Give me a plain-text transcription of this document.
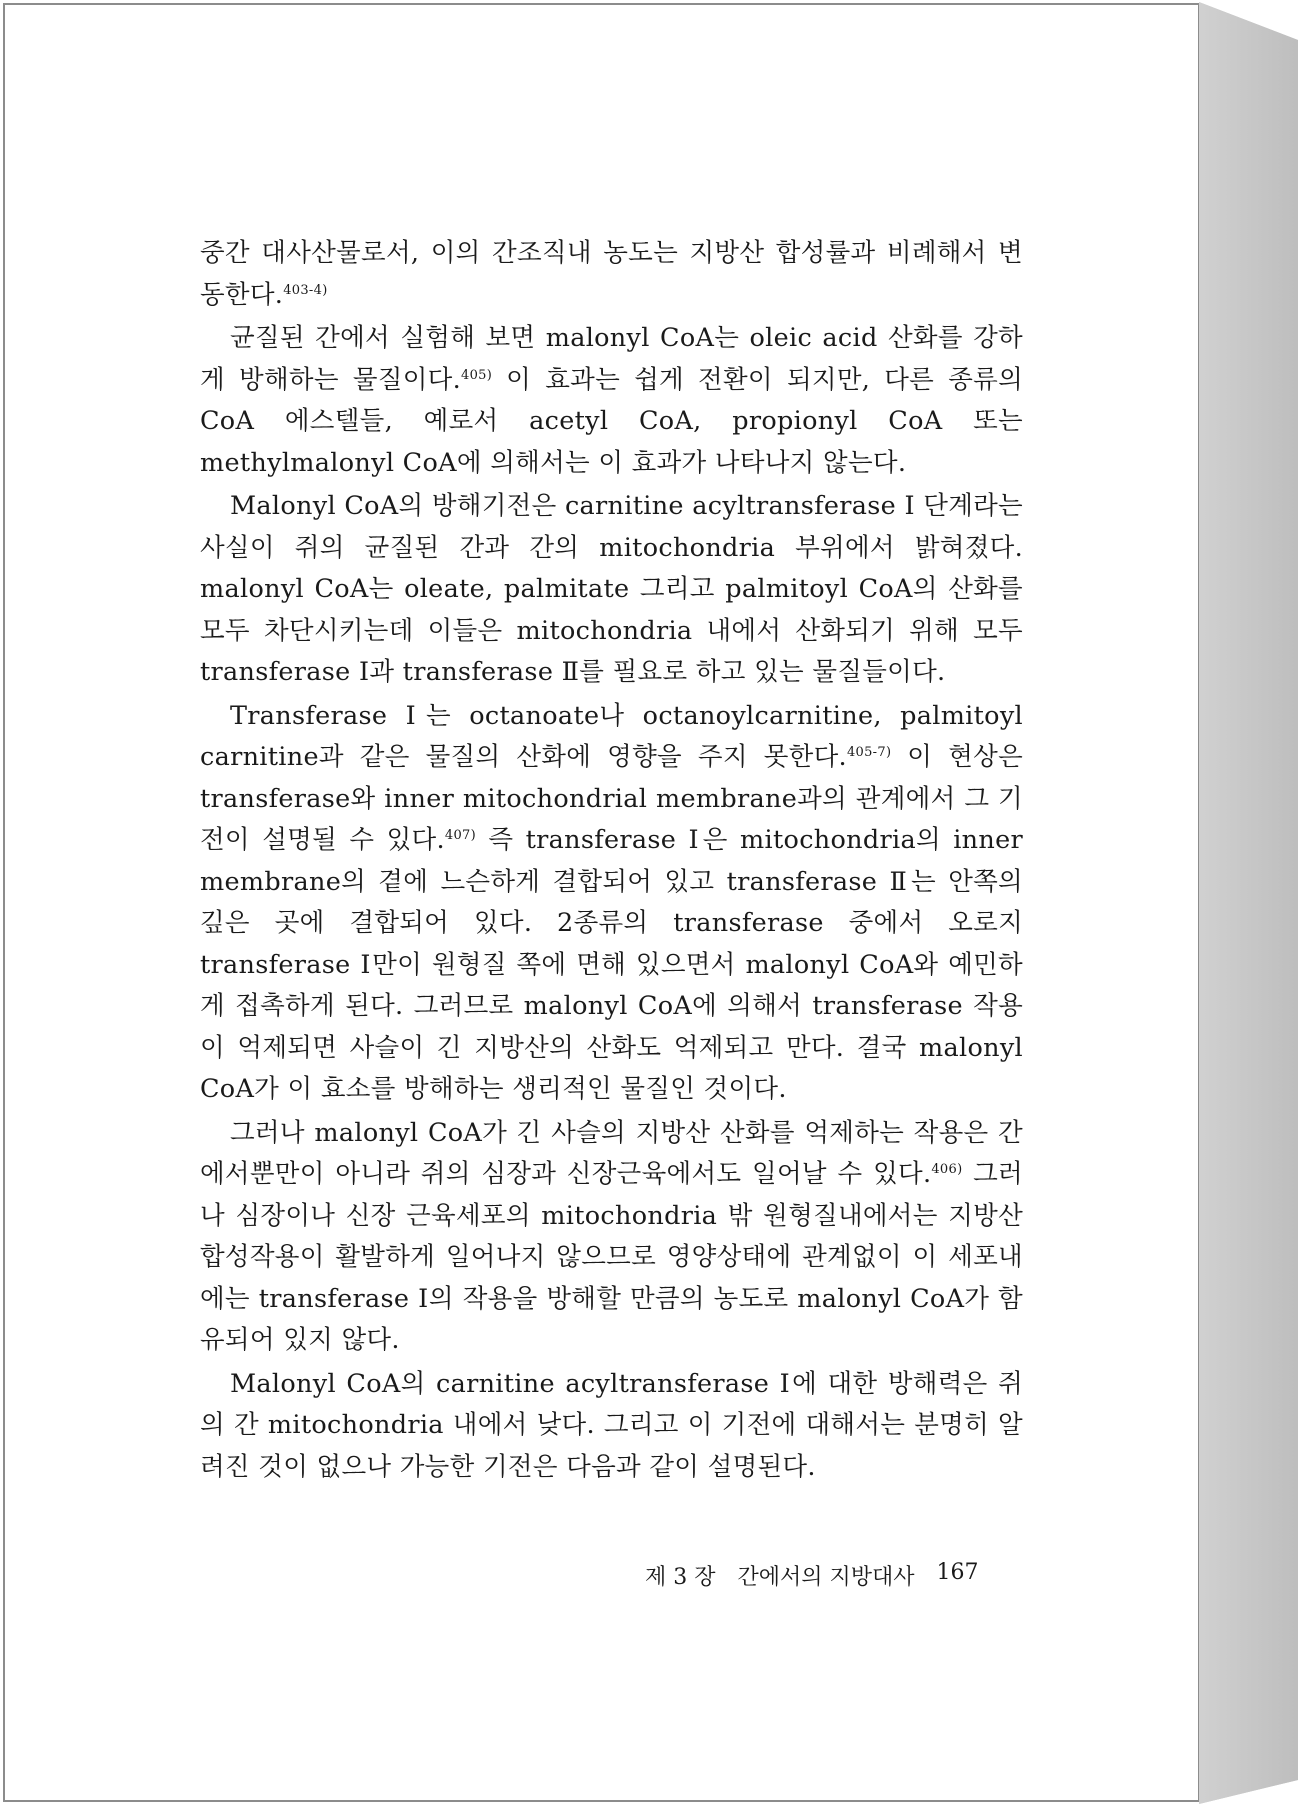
중간 대사산물로서, 이의 간조직내 농도는 지방산 합성률과 비례해서 변동한다.$^{403-4)}$

균질된 간에서 실험해 보면 malonyl CoA는 oleic acid 산화를 강하게 방해하는 물질이다.$^{405)}$ 이 효과는 쉽게 전환이 되지만, 다른 종류의 CoA 에스텔들, 예로서 acetyl CoA, propionyl CoA 또는 methylmalonyl CoA에 의해서는 이 효과가 나타나지 않는다.

Malonyl CoA의 방해기전은 carnitine acyltransferase Ⅰ 단계라는 사실이 쥐의 균질된 간과 간의 mitochondria 부위에서 밝혀졌다. malonyl CoA는 oleate, palmitate 그리고 palmitoyl CoA의 산화를 모두 차단시키는데 이들은 mitochondria 내에서 산화되기 위해 모두 transferase Ⅰ과 transferase Ⅱ를 필요로 하고 있는 물질들이다.

Transferase Ⅰ는 octanoate나 octanoylcarnitine, palmitoyl carnitine과 같은 물질의 산화에 영향을 주지 못한다.$^{405-7)}$ 이 현상은 transferase와 inner mitochondrial membrane과의 관계에서 그 기전이 설명될 수 있다.$^{407)}$ 즉 transferase Ⅰ은 mitochondria의 inner membrane의 곁에 느슨하게 결합되어 있고 transferase Ⅱ는 안쪽의 깊은 곳에 결합되어 있다. 2종류의 transferase 중에서 오로지 transferase Ⅰ만이 원형질 쪽에 면해 있으면서 malonyl CoA와 예민하게 접촉하게 된다. 그러므로 malonyl CoA에 의해서 transferase 작용이 억제되면 사슬이 긴 지방산의 산화도 억제되고 만다. 결국 malonyl CoA가 이 효소를 방해하는 생리적인 물질인 것이다.

그러나 malonyl CoA가 긴 사슬의 지방산 산화를 억제하는 작용은 간에서뿐만이 아니라 쥐의 심장과 신장근육에서도 일어날 수 있다.$^{406)}$ 그러나 심장이나 신장 근육세포의 mitochondria 밖 원형질내에서는 지방산 합성작용이 활발하게 일어나지 않으므로 영양상태에 관계없이 이 세포내에는 transferase Ⅰ의 작용을 방해할 만큼의 농도로 malonyl CoA가 함유되어 있지 않다.

Malonyl CoA의 carnitine acyltransferase Ⅰ에 대한 방해력은 쥐의 간 mitochondria 내에서 낮다. 그리고 이 기전에 대해서는 분명히 알려진 것이 없으나 가능한 기전은 다음과 같이 설명된다.

제 3 장 간에서의 지방대사 167
